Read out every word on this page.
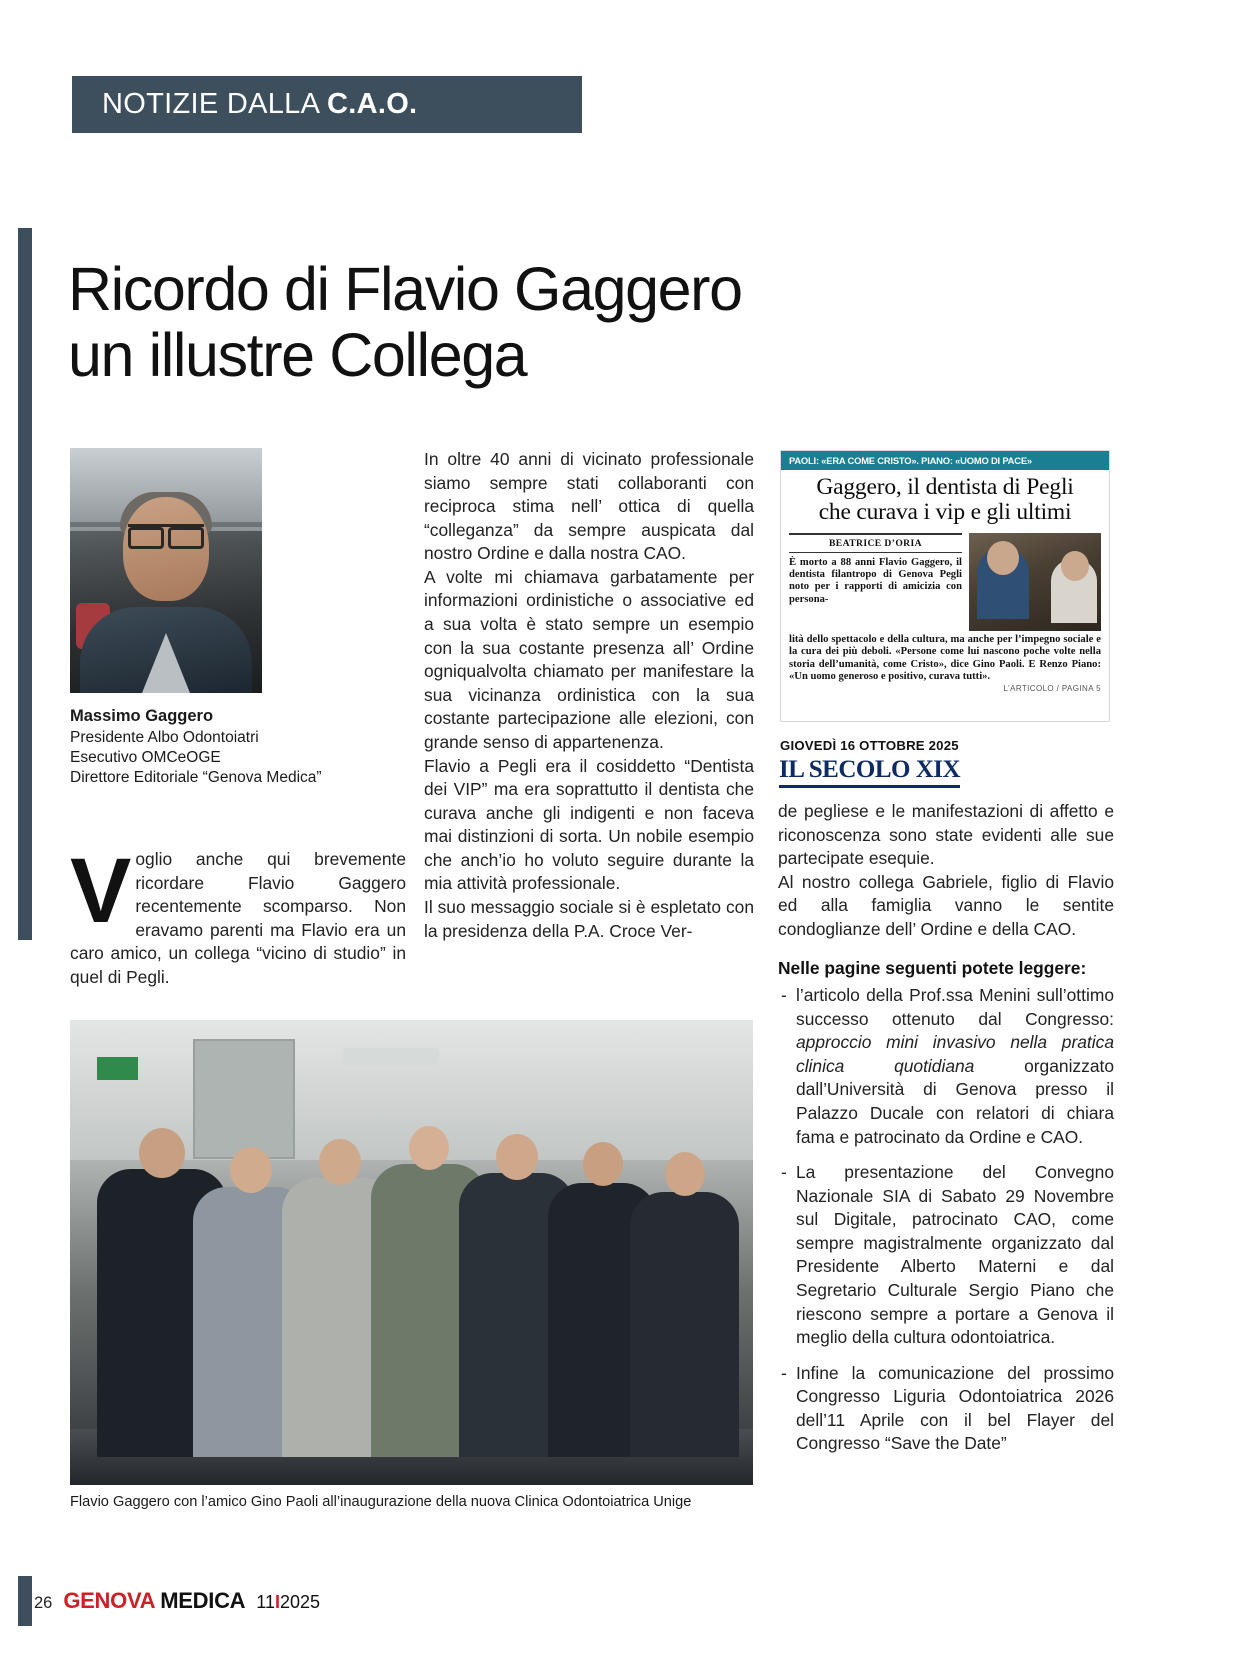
NOTIZIE DALLA C.A.O.
Ricordo di Flavio Gaggero
un illustre Collega
Massimo Gaggero
Presidente Albo Odontoiatri
Esecutivo OMCeOGE
Direttore Editoriale “Genova Medica”
V oglio anche qui brevemente ricordare Flavio Gaggero recentemente scomparso. Non eravamo parenti ma Flavio era un caro amico, un collega “vicino di studio” in quel di Pegli.

In oltre 40 anni di vicinato professionale siamo sempre stati collaboranti con reciproca stima nell’ ottica di quella “colleganza” da sempre auspicata dal nostro Ordine e dalla nostra CAO.

A volte mi chiamava garbatamente per informazioni ordinistiche o associative ed a sua volta è stato sempre un esempio con la sua costante presenza all’ Ordine ogniqualvolta chiamato per manifestare la sua vicinanza ordinistica con la sua costante partecipazione alle elezioni, con grande senso di appartenenza.

Flavio a Pegli era il cosiddetto “Dentista dei VIP” ma era soprattutto il dentista che curava anche gli indigenti e non faceva mai distinzioni di sorta. Un nobile esempio che anch’io ho voluto seguire durante la mia attività professionale.

Il suo messaggio sociale si è espletato con la presidenza della P.A. Croce Ver-

PAOLI: «ERA COME CRISTO». PIANO: «UOMO DI PACE»
Gaggero, il dentista di Pegli
che curava i vip e gli ultimi
BEATRICE D’ORIA
È morto a 88 anni Flavio Gaggero, il dentista filantropo di Genova Pegli noto per i rapporti di amicizia con persona-
lità dello spettacolo e della cultura, ma anche per l’impegno sociale e la cura dei più deboli. «Persone come lui nascono poche volte nella storia dell’umanità, come Cristo», dice Gino Paoli. E Renzo Piano: «Un uomo generoso e positivo, curava tutti».
L’ARTICOLO / PAGINA 5
GIOVEDÌ 16 OTTOBRE 2025
IL SECOLO XIX

de pegliese e le manifestazioni di affetto e riconoscenza sono state evidenti alle sue partecipate esequie.

Al nostro collega Gabriele, figlio di Flavio ed alla famiglia vanno le sentite condoglianze dell’ Ordine e della CAO.

Nelle pagine seguenti potete leggere:
- l’articolo della Prof.ssa Menini sull’ottimo successo ottenuto dal Congresso: approccio mini invasivo nella pratica clinica quotidiana organizzato dall’Università di Genova presso il Palazzo Ducale con relatori di chiara fama e patrocinato da Ordine e CAO.
- La presentazione del Convegno Nazionale SIA di Sabato 29 Novembre sul Digitale, patrocinato CAO, come sempre magistralmente organizzato dal Presidente Alberto Materni e dal Segretario Culturale Sergio Piano che riescono sempre a portare a Genova il meglio della cultura odontoiatrica.
- Infine la comunicazione del prossimo Congresso Liguria Odontoiatrica 2026 dell’11 Aprile con il bel Flayer del Congresso “Save the Date”
Flavio Gaggero con l’amico Gino Paoli all’inaugurazione della nuova Clinica Odontoiatrica Unige
26 GENOVA MEDICA 11I2025
